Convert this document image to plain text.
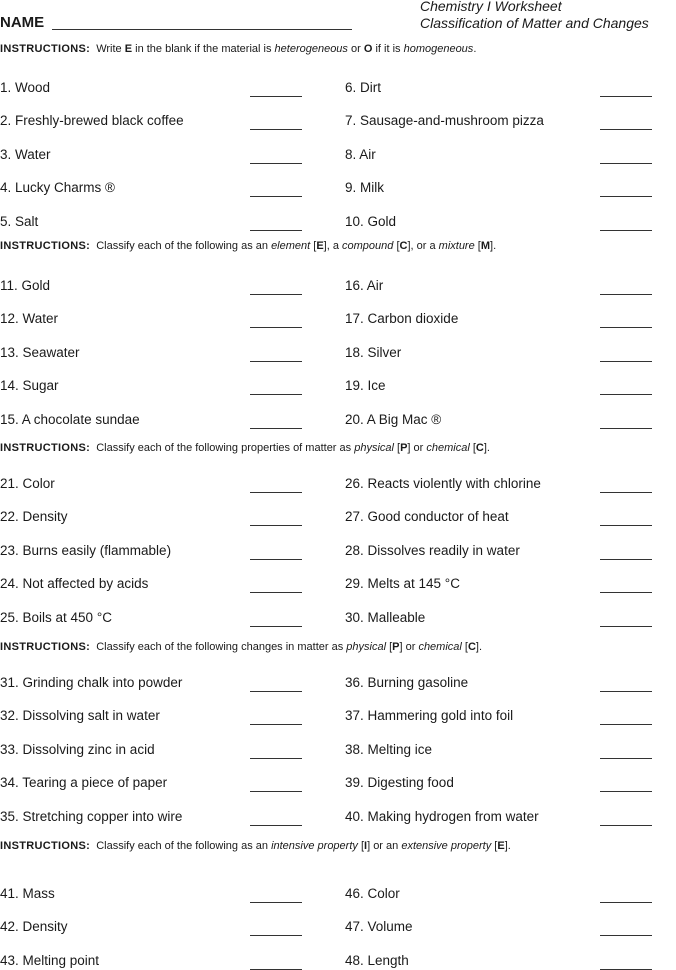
Chemistry I Worksheet
Classification of Matter and Changes
NAME
INSTRUCTIONS:  Write E in the blank if the material is heterogeneous or O if it is homogeneous.
1. Wood
2. Freshly-brewed black coffee
3. Water
4. Lucky Charms ®
5. Salt
6. Dirt
7. Sausage-and-mushroom pizza
8. Air
9. Milk
10. Gold
INSTRUCTIONS:  Classify each of the following as an element [E], a compound [C], or a mixture [M].
11. Gold
12. Water
13. Seawater
14. Sugar
15. A chocolate sundae
16. Air
17. Carbon dioxide
18. Silver
19. Ice
20. A Big Mac ®
INSTRUCTIONS:  Classify each of the following properties of matter as physical [P] or chemical [C].
21. Color
22. Density
23. Burns easily (flammable)
24. Not affected by acids
25. Boils at 450 °C
26. Reacts violently with chlorine
27. Good conductor of heat
28. Dissolves readily in water
29. Melts at 145 °C
30. Malleable
INSTRUCTIONS:  Classify each of the following changes in matter as physical [P] or chemical [C].
31. Grinding chalk into powder
32. Dissolving salt in water
33. Dissolving zinc in acid
34. Tearing a piece of paper
35. Stretching copper into wire
36. Burning gasoline
37. Hammering gold into foil
38. Melting ice
39. Digesting food
40. Making hydrogen from water
INSTRUCTIONS:  Classify each of the following as an intensive property [I] or an extensive property [E].
41. Mass
42. Density
43. Melting point
46. Color
47. Volume
48. Length
